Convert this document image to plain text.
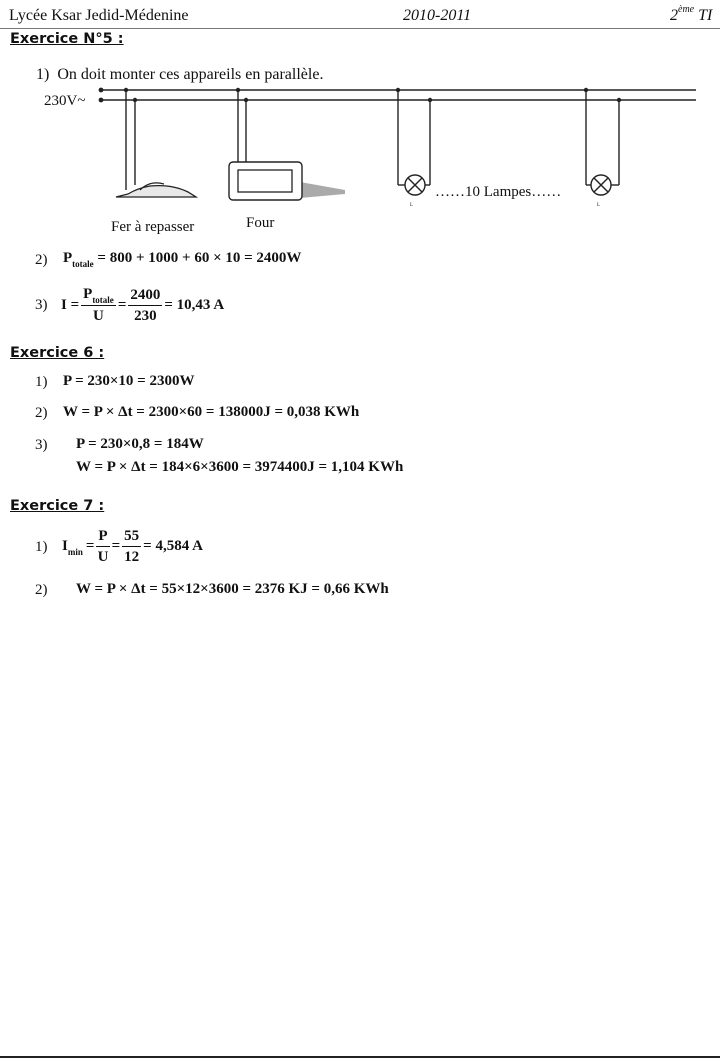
Lycée Ksar Jedid-Médenine	2010-2011	2ème TI
Exercice N°5 :
1) On doit monter ces appareils en parallèle.
230V~
Fer à repasser	Four
……10 Lampes……
L	L
2) $P_{totale} = 800 + 1000 + 60 \times 10 = 2400W$
3) $I = \frac{P_{totale}}{U} = \frac{2400}{230} = 10,43$ A
Exercice 6 :
1) P = 230×10 = 2300W
2) W = P × Δt = 2300×60 = 138000J = 0,038 KWh
3) P = 230×0,8 = 184W
W = P × Δt = 184×6×3600 = 3974400J = 1,104 KWh
Exercice 7 :
1) $I_{min} = \frac{P}{U} = \frac{55}{12} = 4,584$ A
2) W = P × Δt = 55×12×3600 = 2376 KJ = 0,66 KWh
